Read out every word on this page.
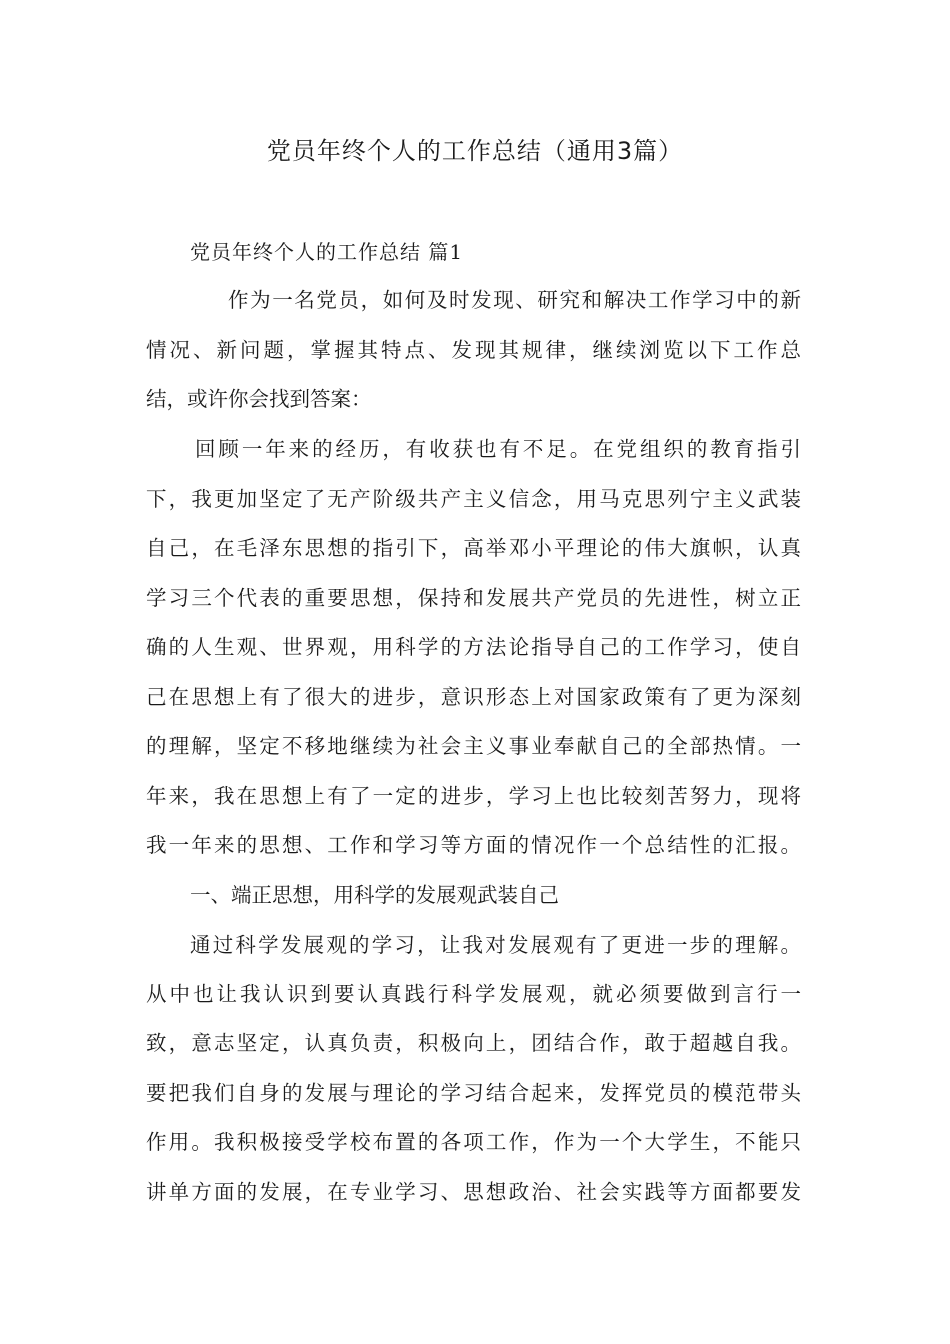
党员年终个人的工作总结（通用3篇）
党员年终个人的工作总结 篇1
作为一名党员，如何及时发现、研究和解决工作学习中的新
情况、新问题，掌握其特点、发现其规律，继续浏览以下工作总
结，或许你会找到答案：
回顾一年来的经历，有收获也有不足。在党组织的教育指引
下，我更加坚定了无产阶级共产主义信念，用马克思列宁主义武装
自己，在毛泽东思想的指引下，高举邓小平理论的伟大旗帜，认真
学习三个代表的重要思想，保持和发展共产党员的先进性，树立正
确的人生观、世界观，用科学的方法论指导自己的工作学习，使自
己在思想上有了很大的进步，意识形态上对国家政策有了更为深刻
的理解，坚定不移地继续为社会主义事业奉献自己的全部热情。一
年来，我在思想上有了一定的进步，学习上也比较刻苦努力，现将
我一年来的思想、工作和学习等方面的情况作一个总结性的汇报。
一、端正思想，用科学的发展观武装自己
通过科学发展观的学习，让我对发展观有了更进一步的理解。
从中也让我认识到要认真践行科学发展观，就必须要做到言行一
致，意志坚定，认真负责，积极向上，团结合作，敢于超越自我。
要把我们自身的发展与理论的学习结合起来，发挥党员的模范带头
作用。我积极接受学校布置的各项工作，作为一个大学生，不能只
讲单方面的发展，在专业学习、思想政治、社会实践等方面都要发
